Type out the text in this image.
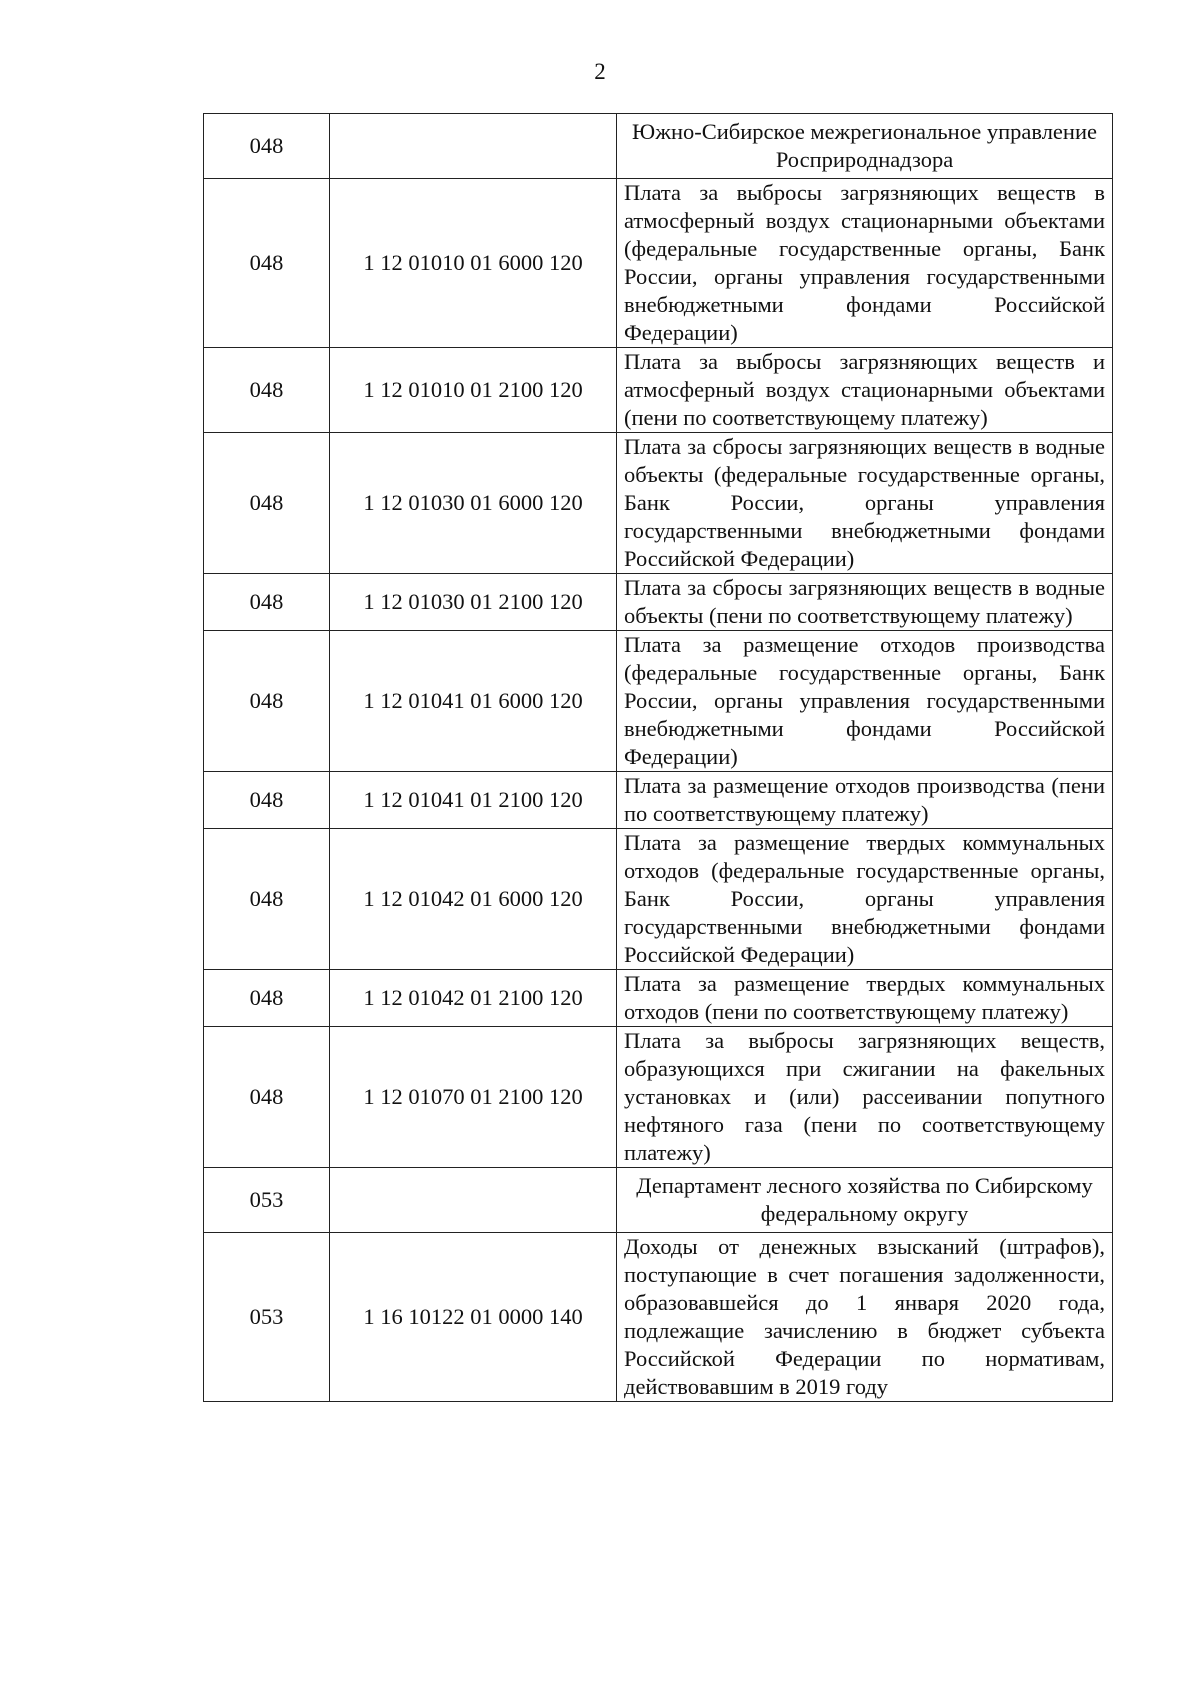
2
048		Южно-Сибирское межрегиональное управление Росприроднадзора

048	1 12 01010 01 6000 120	Плата за выбросы загрязняющих веществ в атмосферный воздух стационарными объектами (федеральные государственные органы, Банк России, органы управления государственными внебюджетными фондами Российской Федерации)

048	1 12 01010 01 2100 120	Плата за выбросы загрязняющих веществ и атмосферный воздух стационарными объектами (пени по соответствующему платежу)

048	1 12 01030 01 6000 120	Плата за сбросы загрязняющих веществ в водные объекты (федеральные государственные органы, Банк России, органы управления государственными внебюджетными фондами Российской Федерации)

048	1 12 01030 01 2100 120	Плата за сбросы загрязняющих веществ в водные объекты (пени по соответствующему платежу)

048	1 12 01041 01 6000 120	Плата за размещение отходов производства (федеральные государственные органы, Банк России, органы управления государственными внебюджетными фондами Российской Федерации)

048	1 12 01041 01 2100 120	Плата за размещение отходов производства (пени по соответствующему платежу)

048	1 12 01042 01 6000 120	Плата за размещение твердых коммунальных отходов (федеральные государственные органы, Банк России, органы управления государственными внебюджетными фондами Российской Федерации)

048	1 12 01042 01 2100 120	Плата за размещение твердых коммунальных отходов (пени по соответствующему платежу)

048	1 12 01070 01 2100 120	Плата за выбросы загрязняющих веществ, образующихся при сжигании на факельных установках и (или) рассеивании попутного нефтяного газа (пени по соответствующему платежу)

053		Департамент лесного хозяйства по Сибирскому федеральному округу

053	1 16 10122 01 0000 140	Доходы от денежных взысканий (штрафов), поступающие в счет погашения задолженности, образовавшейся до 1 января 2020 года, подлежащие зачислению в бюджет субъекта Российской Федерации по нормативам, действовавшим в 2019 году
